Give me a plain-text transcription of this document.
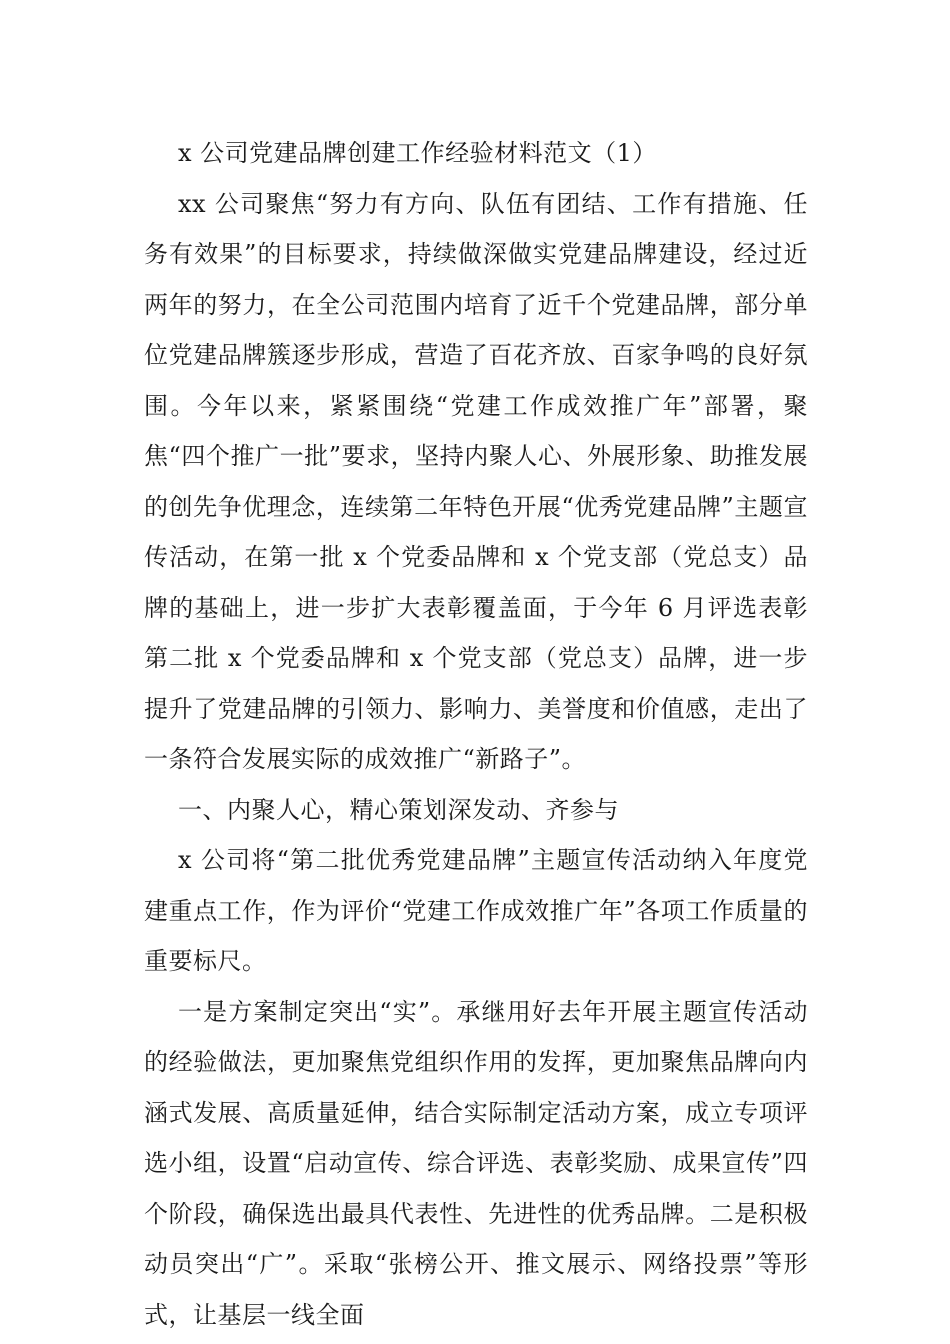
x 公司党建品牌创建工作经验材料范文（1）

xx 公司聚焦“努力有方向、队伍有团结、工作有措施、任务有效果”的目标要求，持续做深做实党建品牌建设，经过近两年的努力，在全公司范围内培育了近千个党建品牌，部分单位党建品牌簇逐步形成，营造了百花齐放、百家争鸣的良好氛围。今年以来，紧紧围绕“党建工作成效推广年”部署，聚焦“四个推广一批”要求，坚持内聚人心、外展形象、助推发展的创先争优理念，连续第二年特色开展“优秀党建品牌”主题宣传活动，在第一批 x 个党委品牌和 x 个党支部（党总支）品牌的基础上，进一步扩大表彰覆盖面，于今年 6 月评选表彰第二批 x 个党委品牌和 x 个党支部（党总支）品牌，进一步提升了党建品牌的引领力、影响力、美誉度和价值感，走出了一条符合发展实际的成效推广“新路子”。

一、内聚人心，精心策划深发动、齐参与

x 公司将“第二批优秀党建品牌”主题宣传活动纳入年度党建重点工作，作为评价“党建工作成效推广年”各项工作质量的重要标尺。

一是方案制定突出“实”。承继用好去年开展主题宣传活动的经验做法，更加聚焦党组织作用的发挥，更加聚焦品牌向内涵式发展、高质量延伸，结合实际制定活动方案，成立专项评选小组，设置“启动宣传、综合评选、表彰奖励、成果宣传”四个阶段，确保选出最具代表性、先进性的优秀品牌。二是积极动员突出“广”。采取“张榜公开、推文展示、网络投票”等形式，让基层一线全面
